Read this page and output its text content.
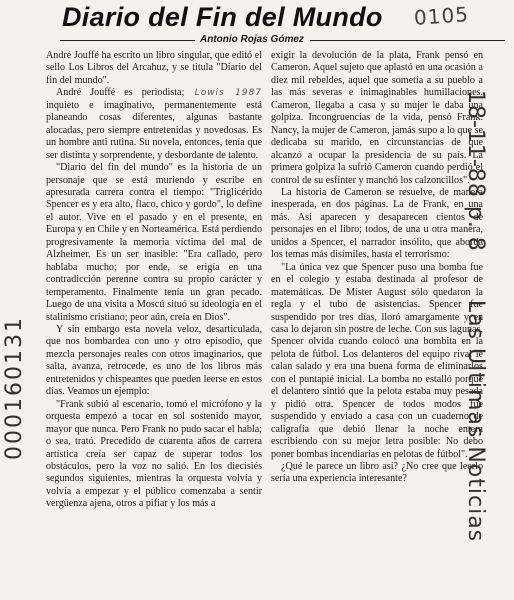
Diario del Fin del Mundo 0105
Antonio Rojas Gómez

André Jouffé ha escrito un libro singular, que editó el sello Los Libros del Arcahuz, y se titula "Diario del fin del mundo".

André Jouffé es periodista; Lowis 1987 inquieto e imaginativo, permanentemente está planeando cosas diferentes, algunas bastante alocadas, pero siempre entretenidas y novedosas. Es un hombre anti rutina. Su novela, entonces, tenía que ser distinta y sorprendente, y desbordante de talento.

"Diario del fin del mundo" es la historia de un personaje que se está muriendo y escribe en apresurada carrera contra el tiempo: "Triglicérido Spencer es y era alto, flaco, chico y gordo", lo define el autor. Vive en el pasado y en el presente, en Europa y en Chile y en Norteamérica. Está perdiendo progresivamente la memoria víctima del mal de Alzheimer. Es un ser inasible: "Era callado, pero hablaba mucho; por ende, se erigía en una contradicción perenne contra su propio carácter y temperamento. Finalmente tenía un gran pecado. Luego de una visita a Moscú situó su ideología en el stalinismo cristiano; peor aún, creía en Dios".

Y sin embargo esta novela veloz, desarticulada, que nos bombardea con uno y otro episodio, que mezcla personajes reales con otros imaginarios, que salta, avanza, retrocede, es uno de los libros más entretenidos y chispeantes que pueden leerse en estos días. Veamos un ejemplo:

"Frank subió al escenario, tomó el micrófono y la orquesta empezó a tocar en sol sostenido mayor, mayor que nunca. Pero Frank no pudo sacar el habla; o sea, trató. Precedido de cuarenta años de carrera artística creía ser capaz de superar todos los obstáculos, pero la voz no salió. En los diecisiés segundos siguientes, mientras la orquesta volvía y volvía a empezar y el público comenzaba a sentir vergüenza ajena, otros a pifiar y los más a

exigir la devolución de la plata, Frank pensó en Cameron. Aquel sujeto que aplastó en una ocasión a diez mil rebeldes, aquel que sometía a su pueblo a las más severas e inimaginables humillaciones. Cameron, llegaba a casa y su mujer le daba una golpiza. Incongruencias de la vida, pensó Frank. Nancy, la mujer de Cameron, jamás supo a lo que se dedicaba su marido, en circunstancias de que alcanzó a ocupar la presidencia de su país. La primera golpiza la sufrió Cameron cuando perdió el control de su esfínter y manchó los calzoncillos".

La historia de Cameron se resuelve, de manera inesperada, en dos páginas. La de Frank, en una más. Así aparecen y desaparecen cientos de personajes en el libro; todos, de una u otra manera, unidos a Spencer, el narrador insólito, que aborda los temas más disímiles, hasta el terrorismo:

"La única vez que Spencer puso una bomba fue en el colegio y estaba destinada al profesor de matemáticas. De Míster August sólo quedaron la regla y el tubo de asistencias. Spencer fue suspendido por tres días, lloró amargamente y en casa lo dejaron sin postre de leche. Con sus lagunas, Spencer olvida cuando colocó una bombita en la pelota de fútbol. Los delanteros del equipo rival le calan salado y era una buena forma de eliminarlos con el puntapié inicial. La bomba no estalló porque el delantero sintió que la pelota estaba muy pesada y pidió otra. Spencer de todos modos fue suspendido y enviado a casa con un cuaderno de caligrafía que debió llenar la noche entera escribiendo con su mejor letra posible: No debo poner bombas incendiarias en pelotas de fútbol".

¿Qué le parece un libro así? ¿No cree que leerlo sería una experiencia interesante?

000160131
18-11-88 p. 8 Las Ultimas Noticias
